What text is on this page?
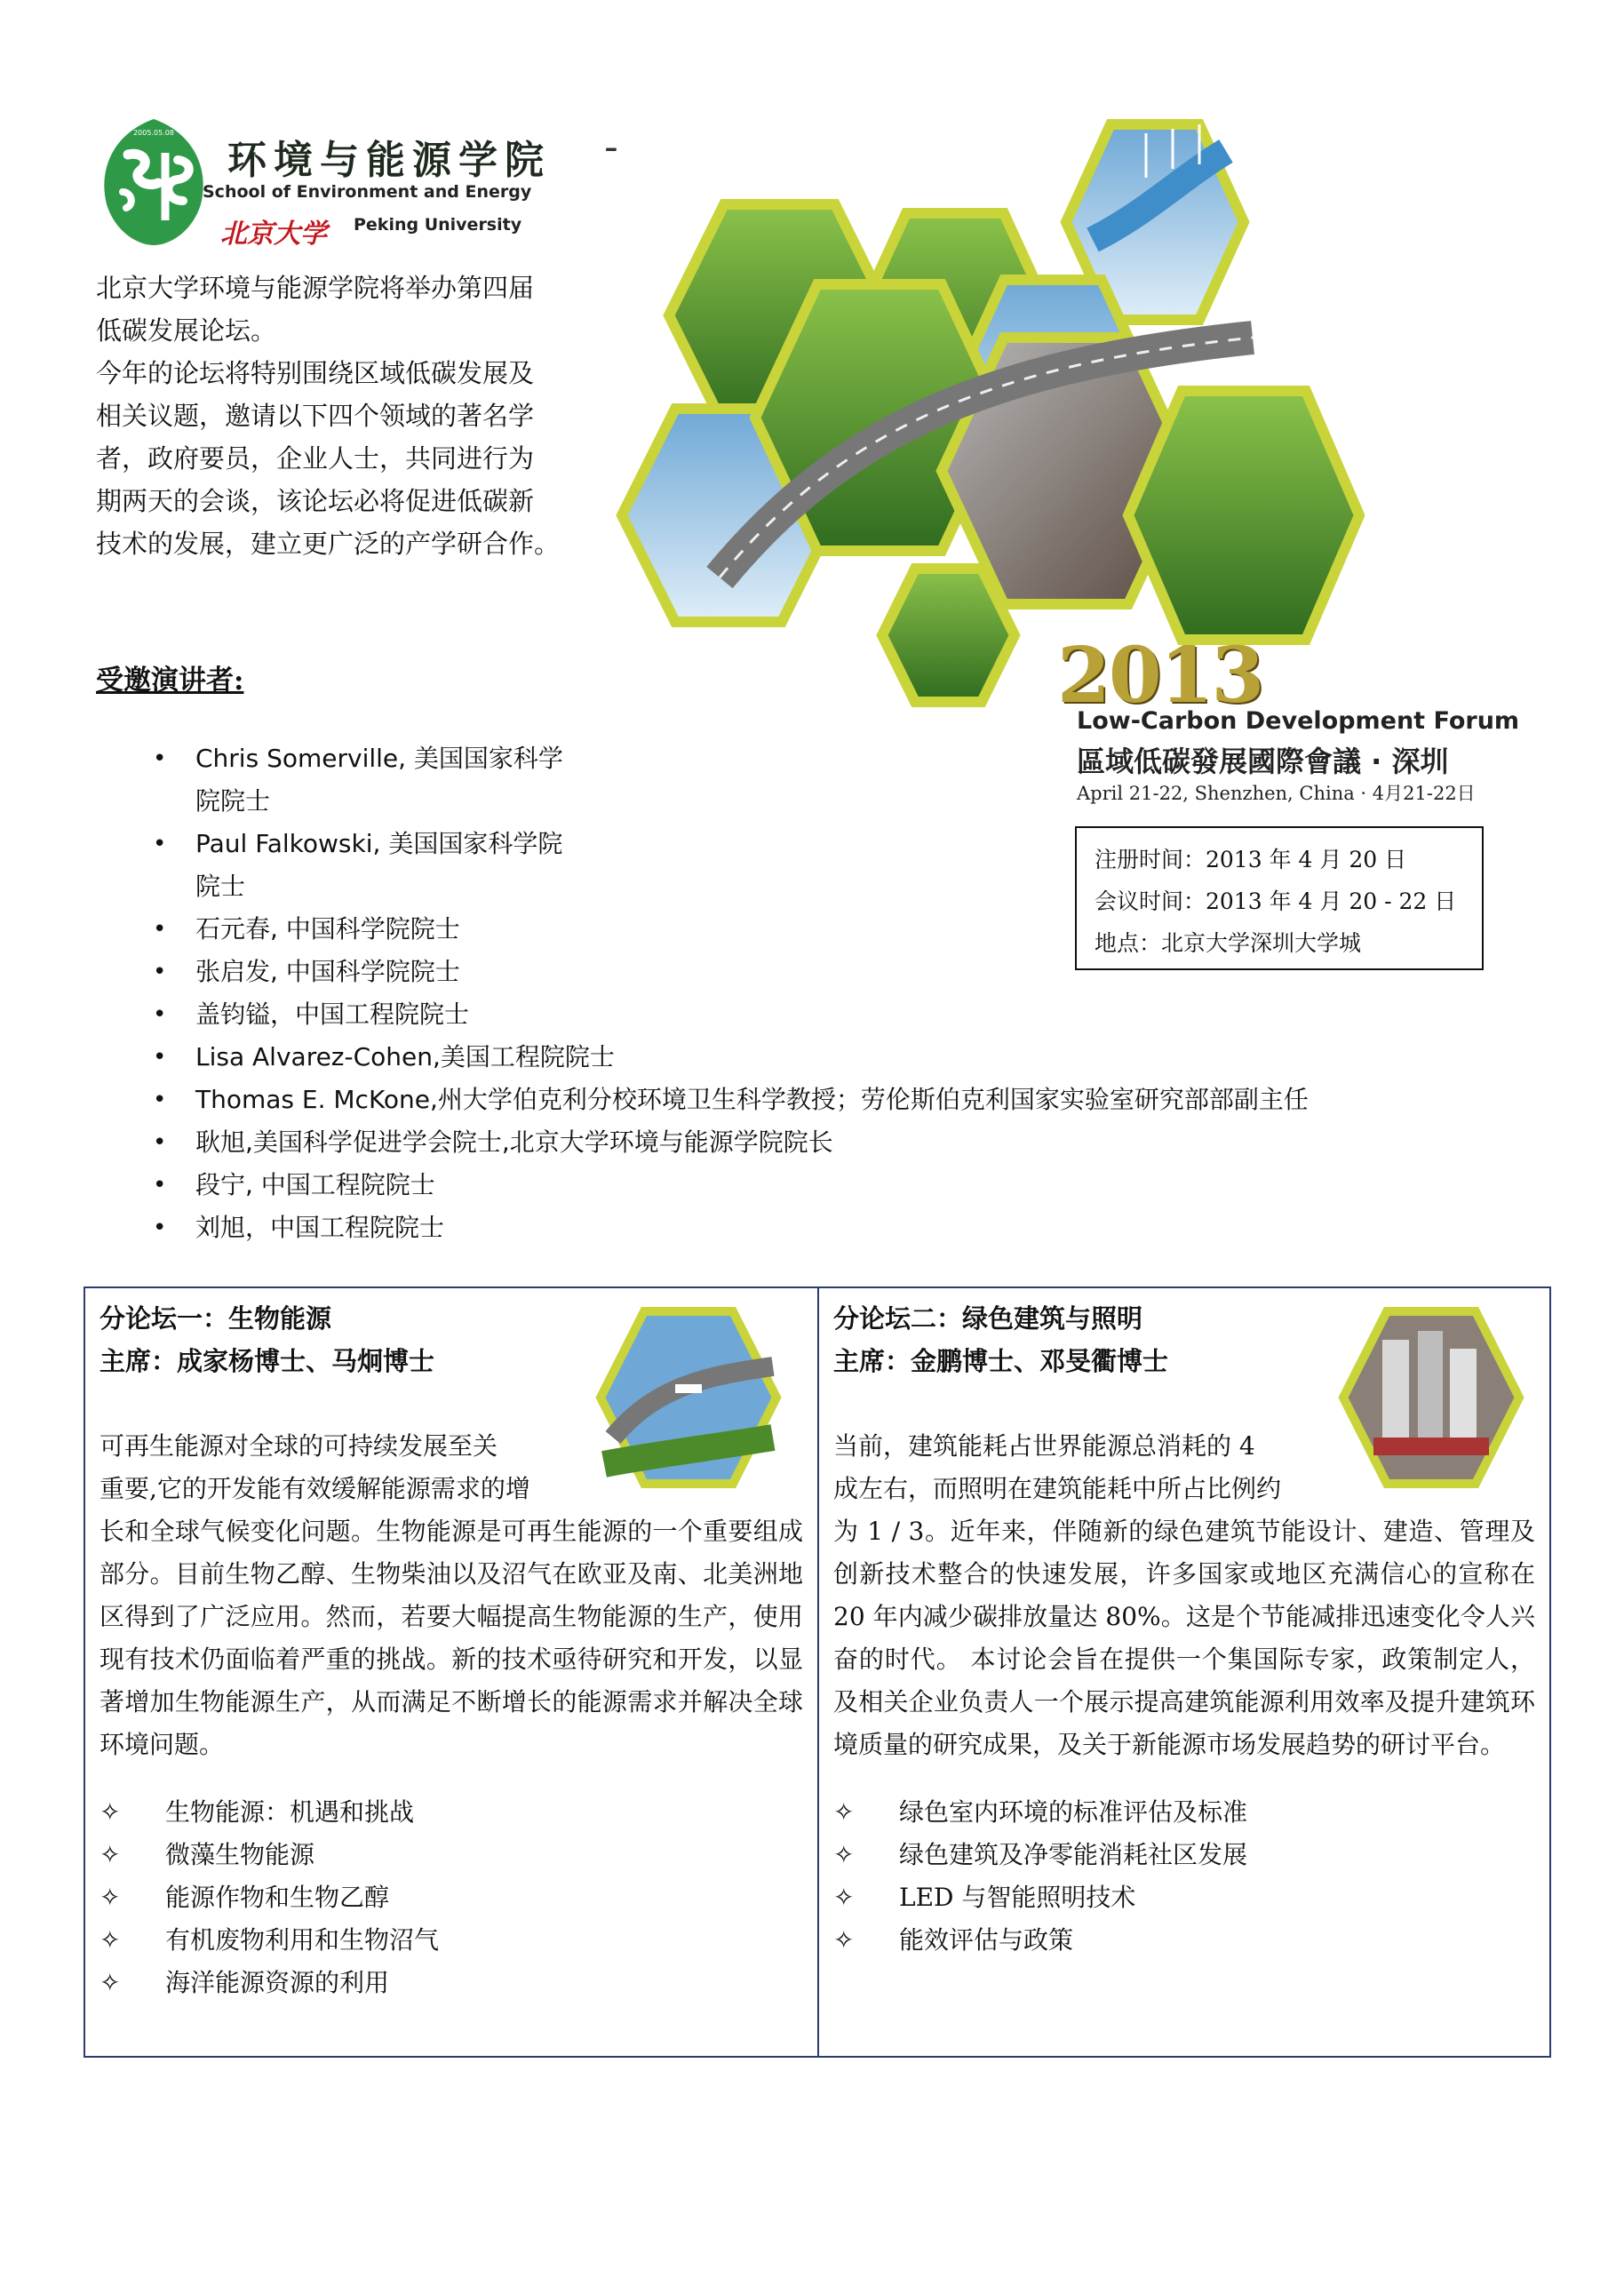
2005.05.08
环境与能源学院
School of Environment and Energy
北京大学 Peking University
-

北京大学环境与能源学院将举办第四届

低碳发展论坛。

今年的论坛将特别围绕区域低碳发展及

相关议题，邀请以下四个领域的著名学

者，政府要员，企业人士，共同进行为

期两天的会谈，该论坛必将促进低碳新

技术的发展，建立更广泛的产学研合作。

2013
Low-Carbon Development Forum
區域低碳發展國際會議 · 深圳
April 21-22, Shenzhen, China · 4月21-22日
注册时间：2013 年 4 月 20 日
会议时间：2013 年 4 月 20 - 22 日
地点：北京大学深圳大学城
受邀演讲者:
• Chris Somerville, 美国国家科学
院院士
• Paul Falkowski, 美国国家科学院
院士
• 石元春, 中国科学院院士
• 张启发, 中国科学院院士
• 盖钧镒，中国工程院院士
• Lisa Alvarez-Cohen,美国工程院院士
• Thomas E. McKone,州大学伯克利分校环境卫生科学教授；劳伦斯伯克利国家实验室研究部部副主任
• 耿旭,美国科学促进学会院士,北京大学环境与能源学院院长
• 段宁, 中国工程院院士
• 刘旭，中国工程院院士
分论坛一：生物能源
主席：成家杨博士、马炯博士
可再生能源对全球的可持续发展至关
重要,它的开发能有效缓解能源需求的增
长和全球气候变化问题。生物能源是可再生能源的一个重要组成部分。目前生物乙醇、生物柴油以及沼气在欧亚及南、北美洲地区得到了广泛应用。然而，若要大幅提高生物能源的生产，使用现有技术仍面临着严重的挑战。新的技术亟待研究和开发，以显著增加生物能源生产，从而满足不断增长的能源需求并解决全球环境问题。
✧ 生物能源：机遇和挑战
✧ 微藻生物能源
✧ 能源作物和生物乙醇
✧ 有机废物利用和生物沼气
✧ 海洋能源资源的利用
分论坛二：绿色建筑与照明
主席：金鹏博士、邓旻衢博士
当前，建筑能耗占世界能源总消耗的 4
成左右，而照明在建筑能耗中所占比例约
为 1 / 3。近年来，伴随新的绿色建筑节能设计、建造、管理及创新技术整合的快速发展，许多国家或地区充满信心的宣称在 20 年内减少碳排放量达 80%。这是个节能减排迅速变化令人兴奋的时代。 本讨论会旨在提供一个集国际专家，政策制定人，及相关企业负责人一个展示提高建筑能源利用效率及提升建筑环境质量的研究成果，及关于新能源市场发展趋势的研讨平台。
✧ 绿色室内环境的标准评估及标准
✧ 绿色建筑及净零能消耗社区发展
✧ LED 与智能照明技术
✧ 能效评估与政策
